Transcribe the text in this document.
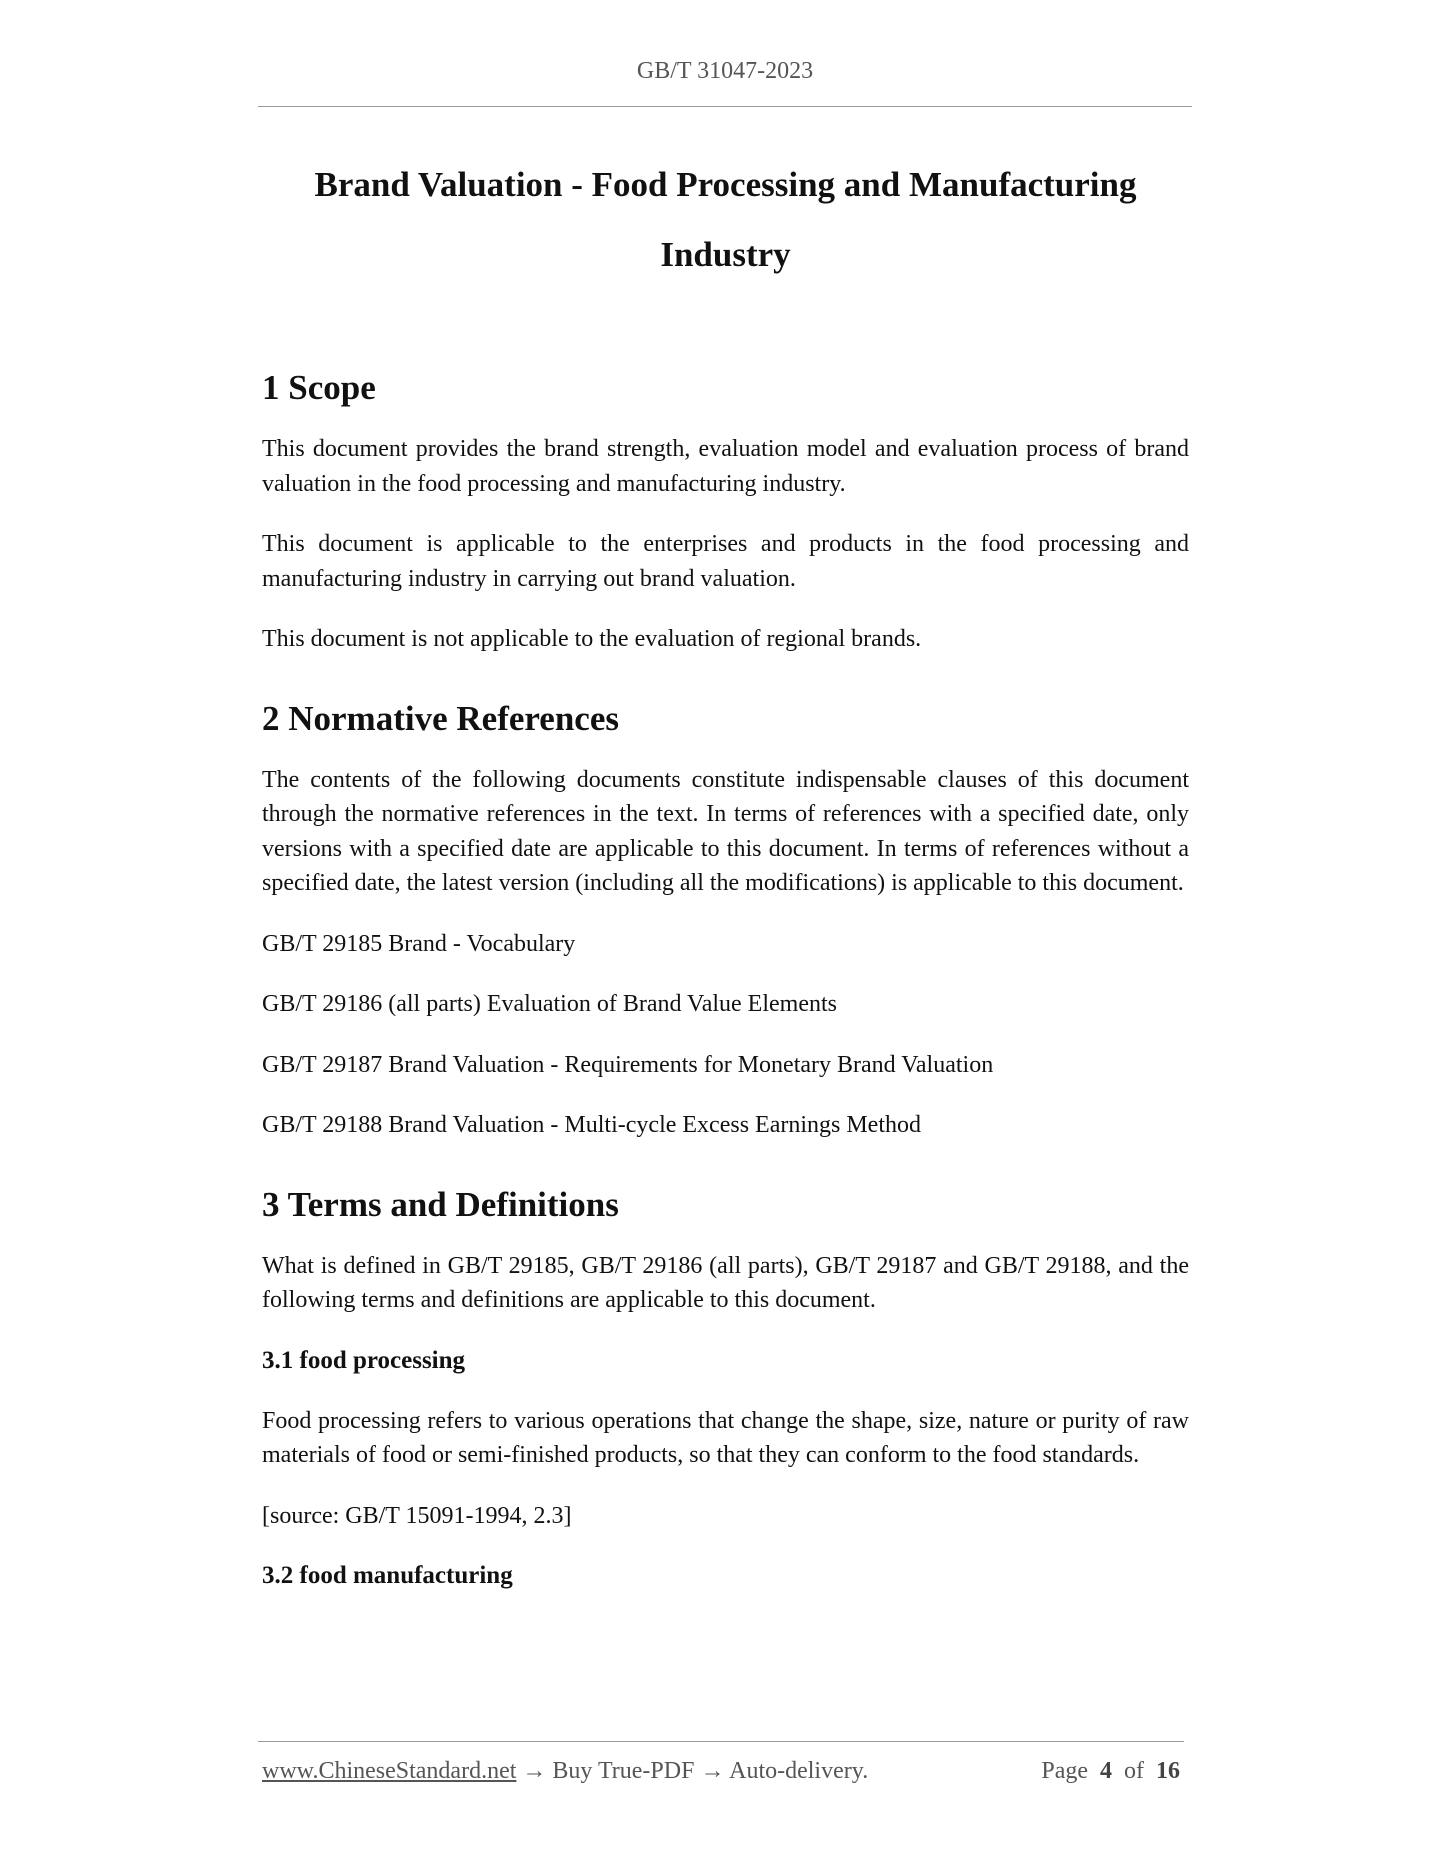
GB/T 31047-2023
Brand Valuation - Food Processing and Manufacturing
Industry
1 Scope

This document provides the brand strength, evaluation model and evaluation process of brand valuation in the food processing and manufacturing industry.

This document is applicable to the enterprises and products in the food processing and manufacturing industry in carrying out brand valuation.

This document is not applicable to the evaluation of regional brands.

2 Normative References

The contents of the following documents constitute indispensable clauses of this document through the normative references in the text. In terms of references with a specified date, only versions with a specified date are applicable to this document. In terms of references without a specified date, the latest version (including all the modifications) is applicable to this document.

GB/T 29185 Brand - Vocabulary

GB/T 29186 (all parts) Evaluation of Brand Value Elements

GB/T 29187 Brand Valuation - Requirements for Monetary Brand Valuation

GB/T 29188 Brand Valuation - Multi-cycle Excess Earnings Method

3 Terms and Definitions

What is defined in GB/T 29185, GB/T 29186 (all parts), GB/T 29187 and GB/T 29188, and the following terms and definitions are applicable to this document.

3.1 food processing

Food processing refers to various operations that change the shape, size, nature or purity of raw materials of food or semi-finished products, so that they can conform to the food standards.

[source: GB/T 15091-1994, 2.3]

3.2 food manufacturing
www.ChineseStandard.net → Buy True-PDF → Auto-delivery.	Page 4 of 16
